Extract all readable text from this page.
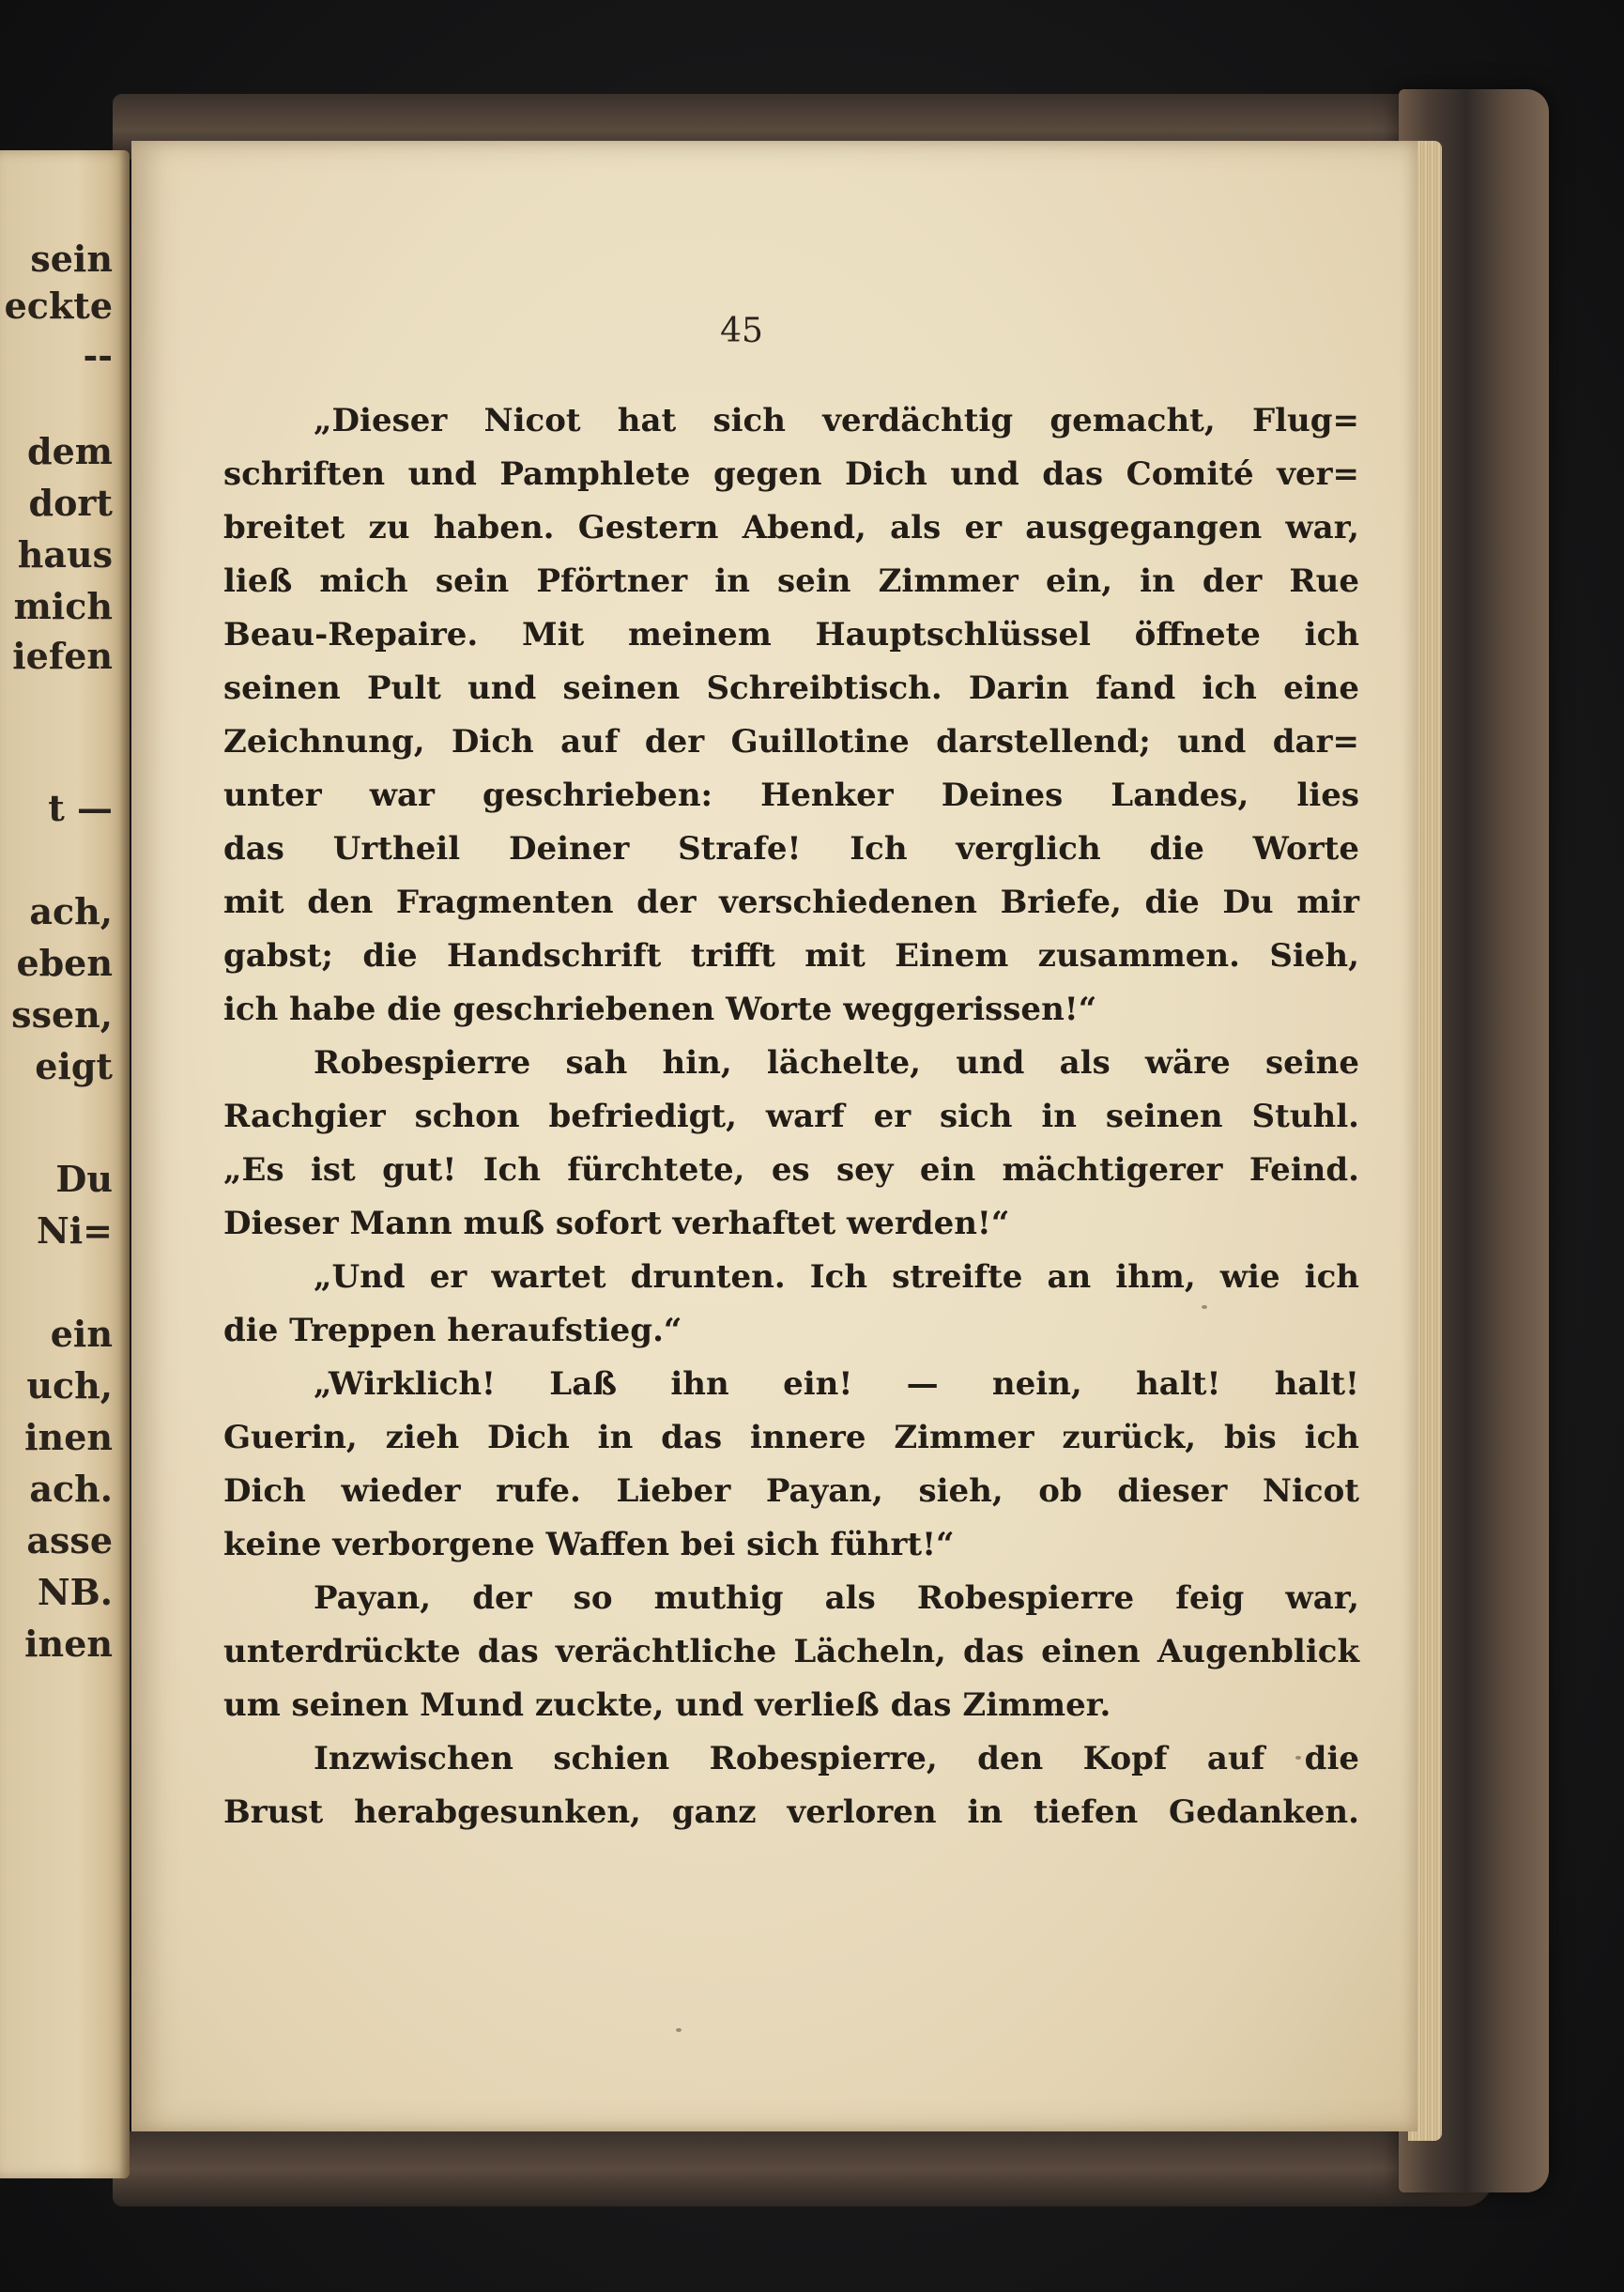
sein
eckte
--
dem
dort
haus
mich
iefen
t —
ach,
eben
ssen,
eigt
Du
Ni=
ein
uch,
inen
ach.
asse
NB.
inen
45
„Dieser Nicot hat sich verdächtig gemacht, Flug=
schriften und Pamphlete gegen Dich und das Comité ver=
breitet zu haben. Gestern Abend, als er ausgegangen war,
ließ mich sein Pförtner in sein Zimmer ein, in der Rue
Beau-Repaire. Mit meinem Hauptschlüssel öffnete ich
seinen Pult und seinen Schreibtisch. Darin fand ich eine
Zeichnung, Dich auf der Guillotine darstellend; und dar=
unter war geschrieben: Henker Deines Landes, lies
das Urtheil Deiner Strafe! Ich verglich die Worte
mit den Fragmenten der verschiedenen Briefe, die Du mir
gabst; die Handschrift trifft mit Einem zusammen. Sieh,
ich habe die geschriebenen Worte weggerissen!“
Robespierre sah hin, lächelte, und als wäre seine
Rachgier schon befriedigt, warf er sich in seinen Stuhl.
„Es ist gut! Ich fürchtete, es sey ein mächtigerer Feind.
Dieser Mann muß sofort verhaftet werden!“
„Und er wartet drunten. Ich streifte an ihm, wie ich
die Treppen heraufstieg.“
„Wirklich! Laß ihn ein! — nein, halt! halt!
Guerin, zieh Dich in das innere Zimmer zurück, bis ich
Dich wieder rufe. Lieber Payan, sieh, ob dieser Nicot
keine verborgene Waffen bei sich führt!“
Payan, der so muthig als Robespierre feig war,
unterdrückte das verächtliche Lächeln, das einen Augenblick
um seinen Mund zuckte, und verließ das Zimmer.
Inzwischen schien Robespierre, den Kopf auf die
Brust herabgesunken, ganz verloren in tiefen Gedanken.
